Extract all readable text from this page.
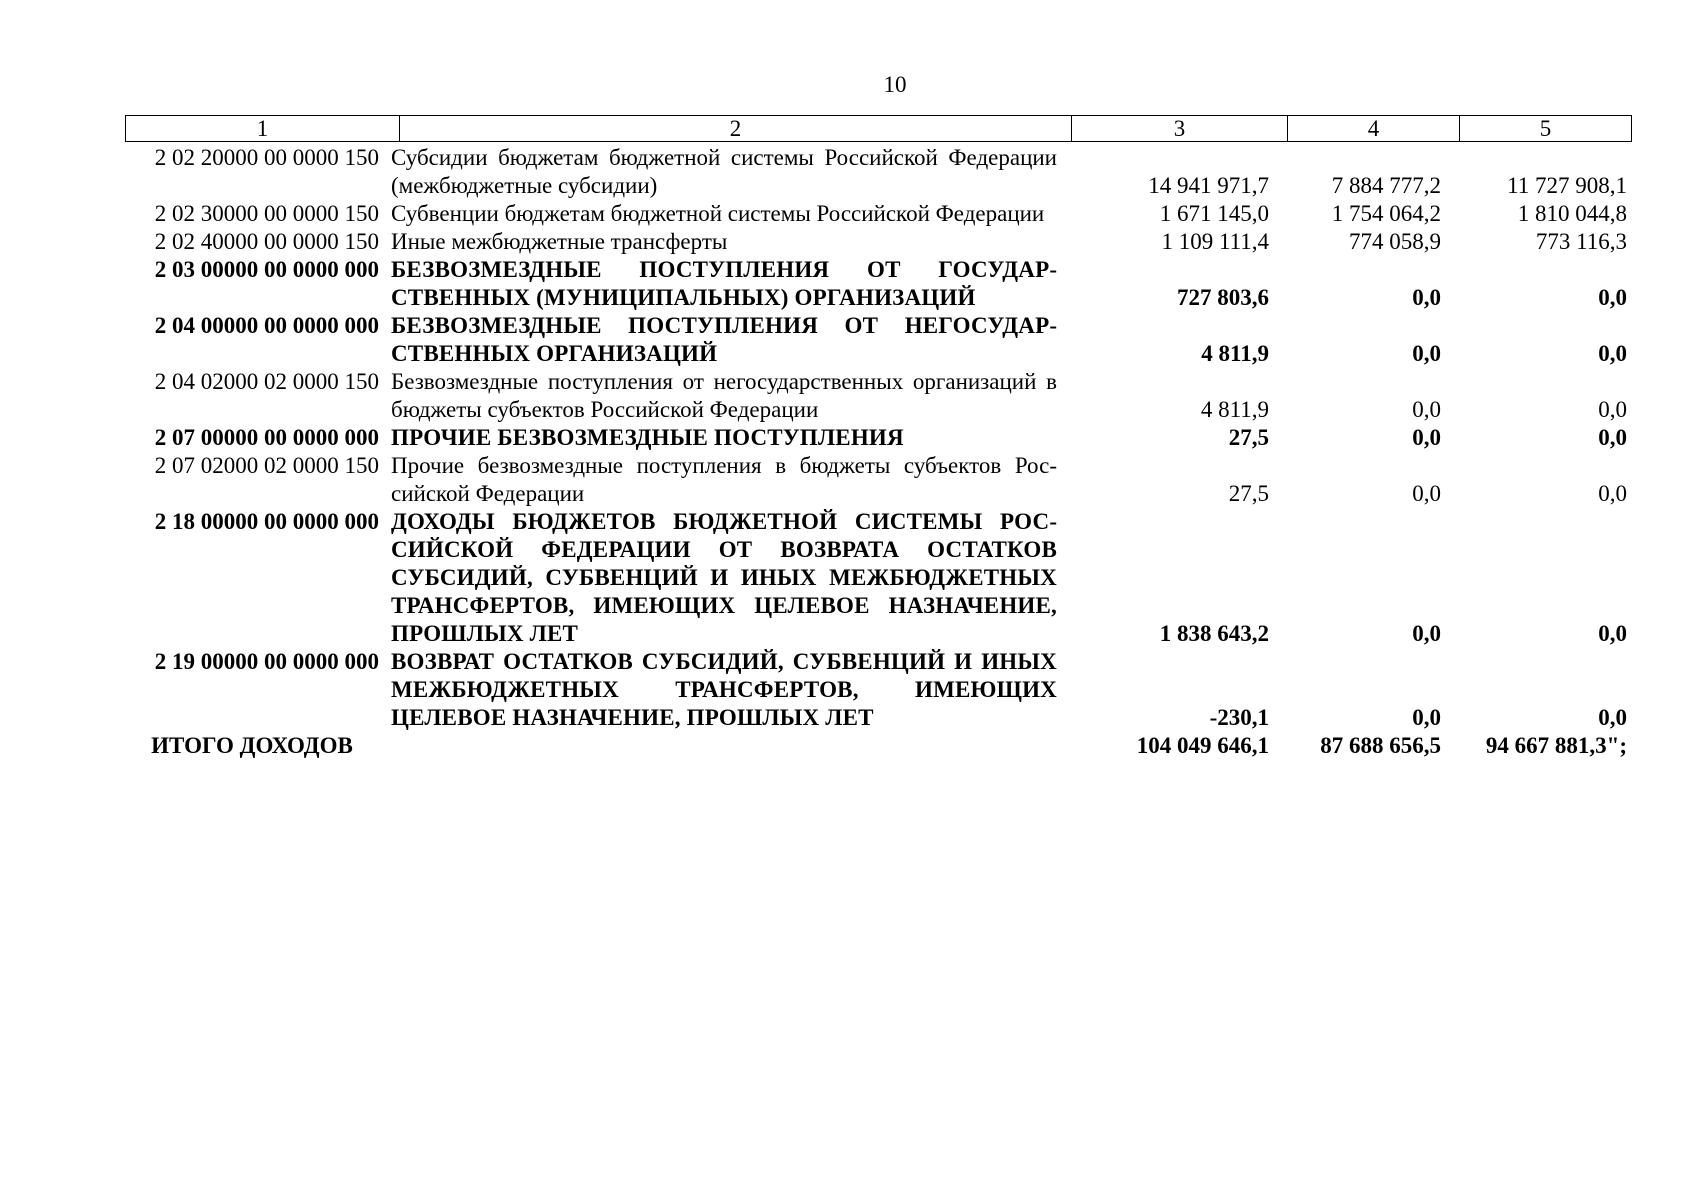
10
1	2	3	4	5
2 02 20000 00 0000 150 Субсидии бюджетам бюджетной системы Российской Федерации (межбюджетные субсидии)	14 941 971,7	7 884 777,2	11 727 908,1
2 02 30000 00 0000 150 Субвенции бюджетам бюджетной системы Российской Федерации	1 671 145,0	1 754 064,2	1 810 044,8
2 02 40000 00 0000 150 Иные межбюджетные трансферты	1 109 111,4	774 058,9	773 116,3
2 03 00000 00 0000 000 БЕЗВОЗМЕЗДНЫЕ ПОСТУПЛЕНИЯ ОТ ГОСУДАРСТВЕННЫХ (МУНИЦИПАЛЬНЫХ) ОРГАНИЗАЦИЙ	727 803,6	0,0	0,0
2 04 00000 00 0000 000 БЕЗВОЗМЕЗДНЫЕ ПОСТУПЛЕНИЯ ОТ НЕГОСУДАРСТВЕННЫХ ОРГАНИЗАЦИЙ	4 811,9	0,0	0,0
2 04 02000 02 0000 150 Безвозмездные поступления от негосударственных организаций в бюджеты субъектов Российской Федерации	4 811,9	0,0	0,0
2 07 00000 00 0000 000 ПРОЧИЕ БЕЗВОЗМЕЗДНЫЕ ПОСТУПЛЕНИЯ	27,5	0,0	0,0
2 07 02000 02 0000 150 Прочие безвозмездные поступления в бюджеты субъектов Российской Федерации	27,5	0,0	0,0
2 18 00000 00 0000 000 ДОХОДЫ БЮДЖЕТОВ БЮДЖЕТНОЙ СИСТЕМЫ РОССИЙСКОЙ ФЕДЕРАЦИИ ОТ ВОЗВРАТА ОСТАТКОВ СУБСИДИЙ, СУБВЕНЦИЙ И ИНЫХ МЕЖБЮДЖЕТНЫХ ТРАНСФЕРТОВ, ИМЕЮЩИХ ЦЕЛЕВОЕ НАЗНАЧЕНИЕ, ПРОШЛЫХ ЛЕТ	1 838 643,2	0,0	0,0
2 19 00000 00 0000 000 ВОЗВРАТ ОСТАТКОВ СУБСИДИЙ, СУБВЕНЦИЙ И ИНЫХ МЕЖБЮДЖЕТНЫХ ТРАНСФЕРТОВ, ИМЕЮЩИХ ЦЕЛЕВОЕ НАЗНАЧЕНИЕ, ПРОШЛЫХ ЛЕТ	-230,1	0,0	0,0
ИТОГО ДОХОДОВ	104 049 646,1	87 688 656,5	94 667 881,3";
